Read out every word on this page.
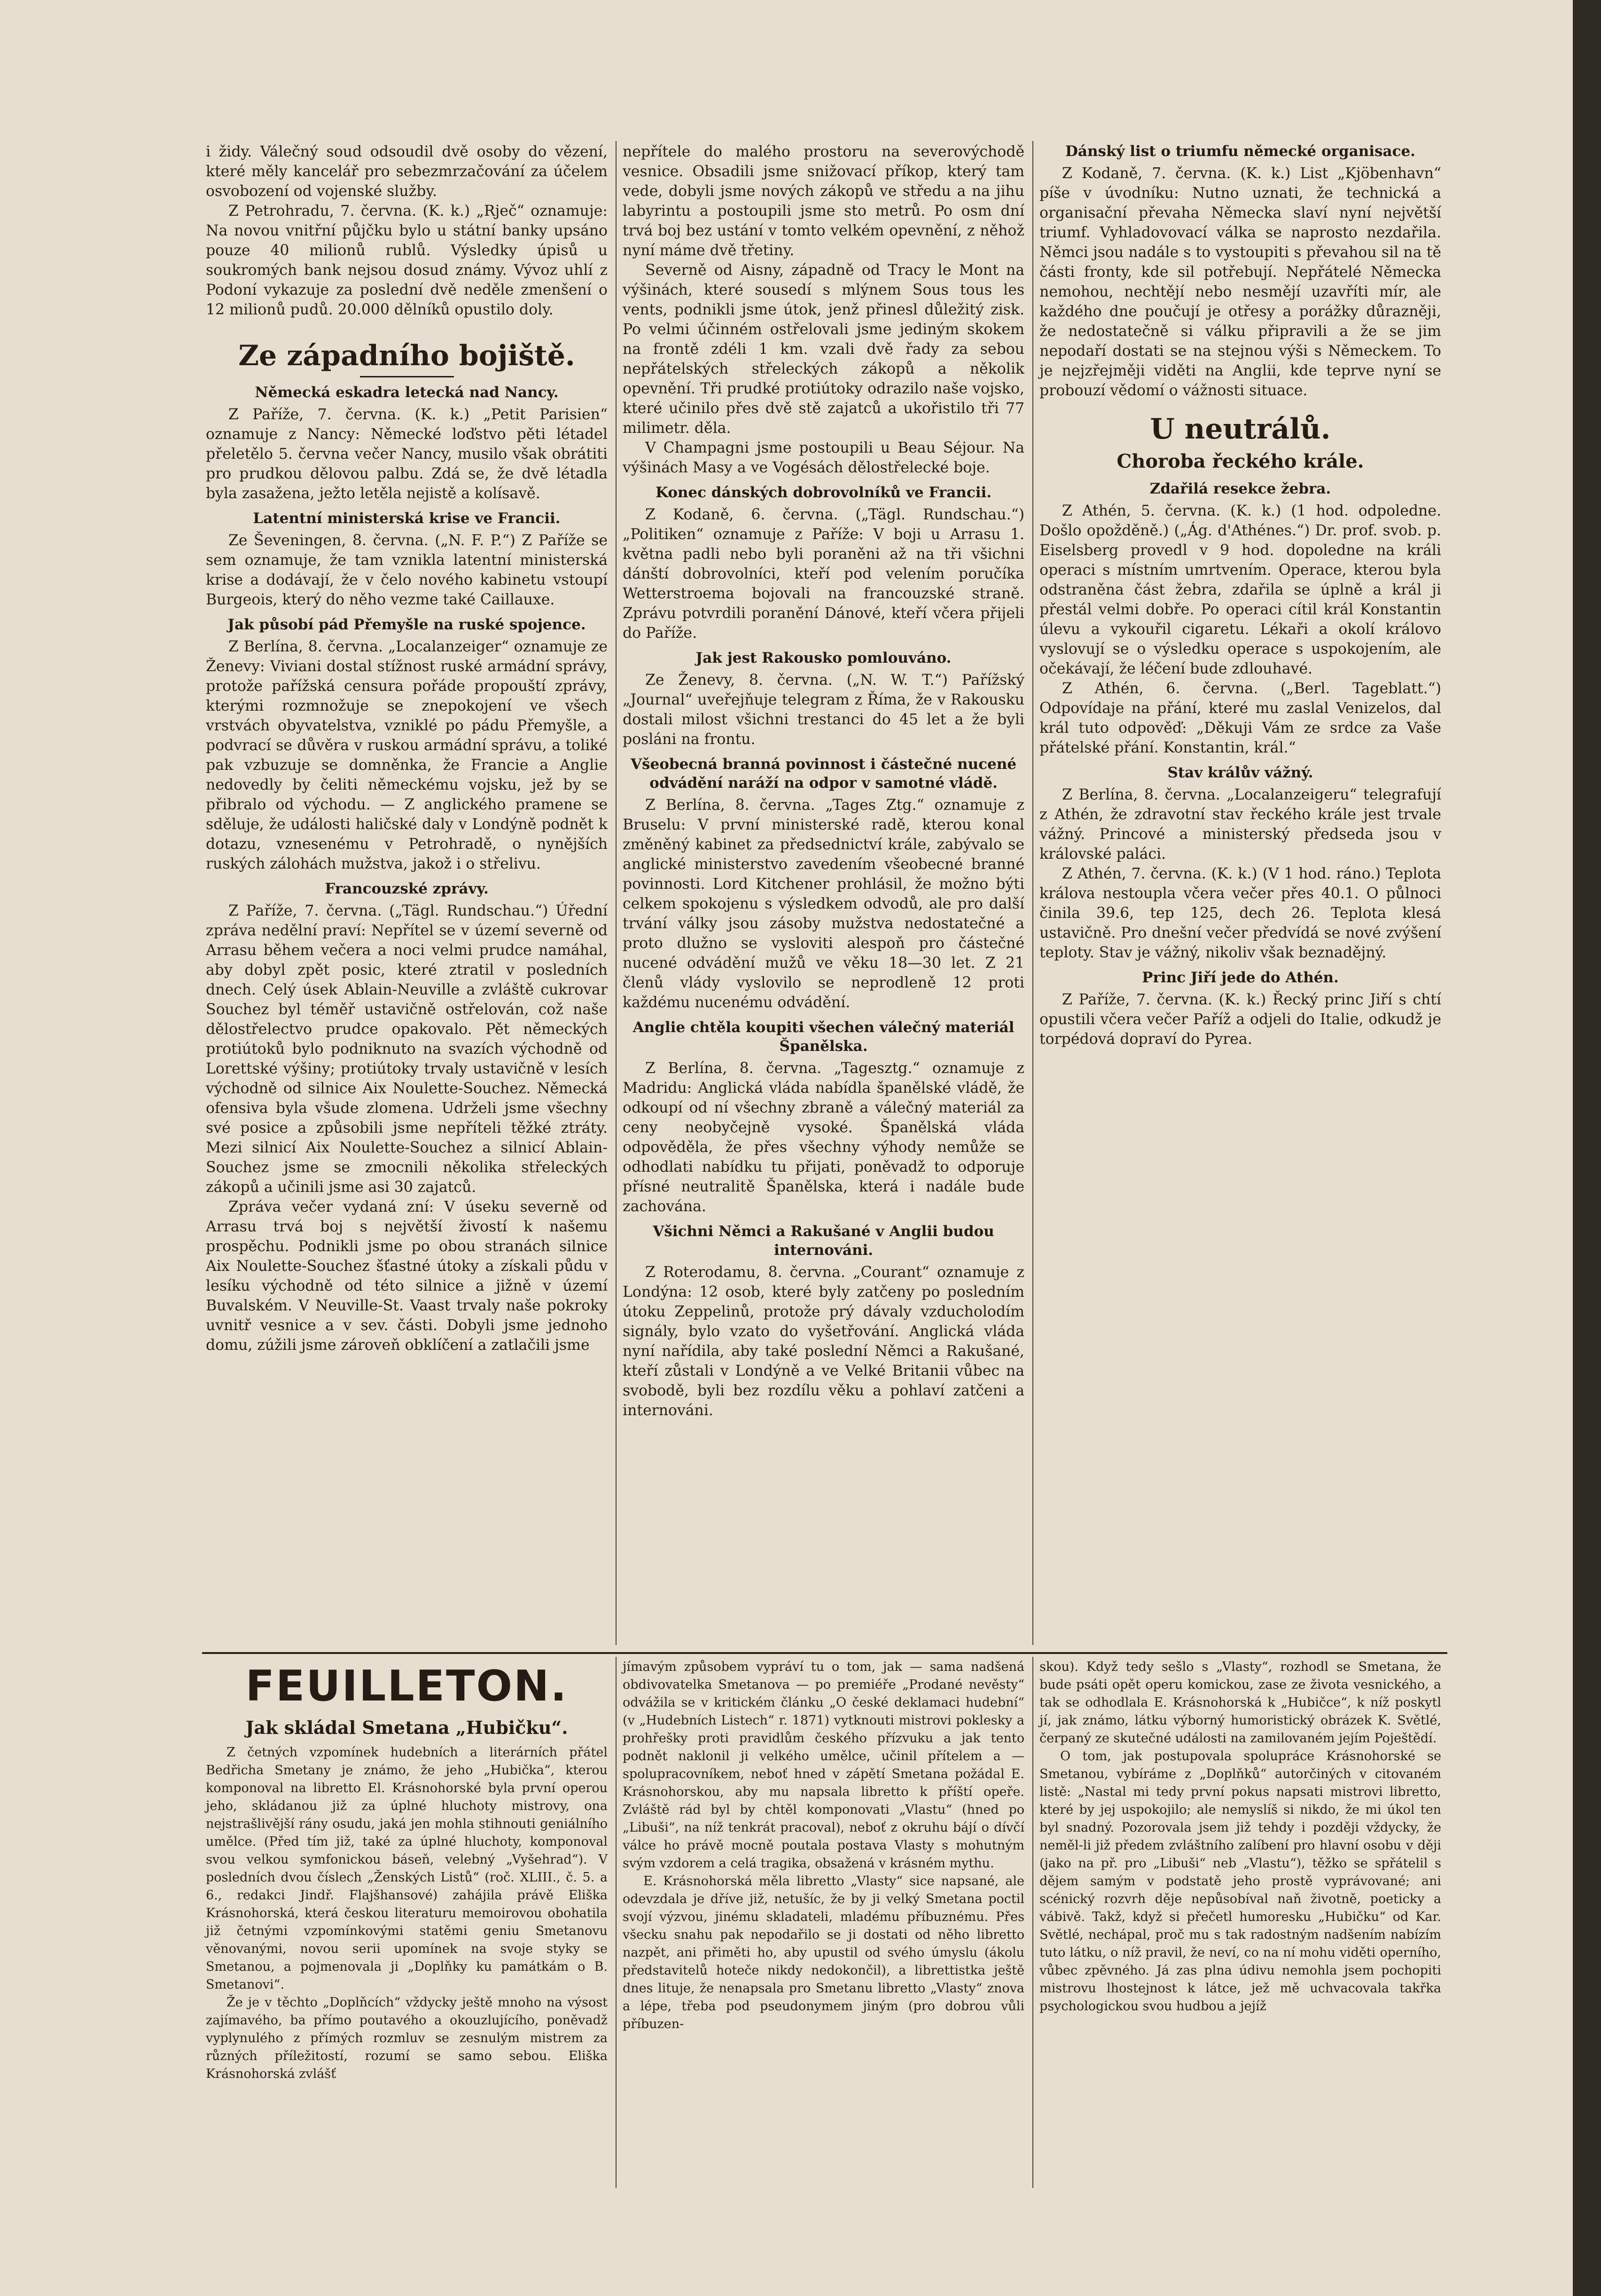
i židy. Válečný soud odsoudil dvě osoby do vězení, které měly kancelář pro sebezmrzačování za účelem osvobození od vojenské služby.

Z Petrohradu, 7. června. (K. k.) „Rječ“ oznamuje: Na novou vnitřní půjčku bylo u státní banky upsáno pouze 40 milionů rublů. Výsledky úpisů u soukromých bank nejsou dosud známy. Vývoz uhlí z Podoní vykazuje za poslední dvě neděle zmenšení o 12 milionů pudů. 20.000 dělníků opustilo doly.

Ze západního bojiště.
Německá eskadra letecká nad Nancy.

Z Paříže, 7. června. (K. k.) „Petit Parisien“ oznamuje z Nancy: Německé loďstvo pěti létadel přeletělo 5. června večer Nancy, musilo však obrátiti pro prudkou dělovou palbu. Zdá se, že dvě létadla byla zasažena, ježto letěla nejistě a kolísavě.

Latentní ministerská krise ve Francii.

Ze Ševeningen, 8. června. („N. F. P.“) Z Paříže se sem oznamuje, že tam vznikla latentní ministerská krise a dodávají, že v čelo nového kabinetu vstoupí Burgeois, který do něho vezme také Caillauxe.

Jak působí pád Přemyšle na ruské spojence.

Z Berlína, 8. června. „Localanzeiger“ oznamuje ze Ženevy: Viviani dostal stížnost ruské armádní správy, protože pařížská censura pořáde propouští zprávy, kterými rozmnožuje se znepokojení ve všech vrstvách obyvatelstva, vzniklé po pádu Přemyšle, a podvrací se důvěra v ruskou armádní správu, a toliké pak vzbuzuje se domněnka, že Francie a Anglie nedovedly by čeliti německému vojsku, jež by se přibralo od východu. — Z anglického pramene se sděluje, že události haličské daly v Londýně podnět k dotazu, vznesenému v Petrohradě, o nynějších ruských zálohách mužstva, jakož i o střelivu.

Francouzské zprávy.

Z Paříže, 7. června. („Tägl. Rundschau.“) Úřední zpráva nedělní praví: Nepřítel se v území severně od Arrasu během večera a noci velmi prudce namáhal, aby dobyl zpět posic, které ztratil v posledních dnech. Celý úsek Ablain-Neuville a zvláště cukrovar Souchez byl téměř ustavičně ostřelován, což naše dělostřelectvo prudce opakovalo. Pět německých protiútoků bylo podniknuto na svazích východně od Lorettské výšiny; protiútoky trvaly ustavičně v lesích východně od silnice Aix Noulette-Souchez. Německá ofensiva byla všude zlomena. Udrželi jsme všechny své posice a způsobili jsme nepříteli těžké ztráty. Mezi silnicí Aix Noulette-Souchez a silnicí Ablain-Souchez jsme se zmocnili několika střeleckých zákopů a učinili jsme asi 30 zajatců.

Zpráva večer vydaná zní: V úseku severně od Arrasu trvá boj s největší živostí k našemu prospěchu. Podnikli jsme po obou stranách silnice Aix Noulette-Souchez šťastné útoky a získali půdu v lesíku východně od této silnice a jižně v území Buvalském. V Neuville-St. Vaast trvaly naše pokroky uvnitř vesnice a v sev. části. Dobyli jsme jednoho domu, zúžili jsme zároveň obklíčení a zatlačili jsme

nepřítele do malého prostoru na severovýchodě vesnice. Obsadili jsme snižovací příkop, který tam vede, dobyli jsme nových zákopů ve středu a na jihu labyrintu a postoupili jsme sto metrů. Po osm dní trvá boj bez ustání v tomto velkém opevnění, z něhož nyní máme dvě třetiny.

Severně od Aisny, západně od Tracy le Mont na výšinách, které sousedí s mlýnem Sous tous les vents, podnikli jsme útok, jenž přinesl důležitý zisk. Po velmi účinném ostřelovali jsme jediným skokem na frontě zdéli 1 km. vzali dvě řady za sebou nepřátelských střeleckých zákopů a několik opevnění. Tři prudké protiútoky odrazilo naše vojsko, které učinilo přes dvě stě zajatců a ukořistilo tři 77 milimetr. děla.

V Champagni jsme postoupili u Beau Séjour. Na výšinách Masy a ve Vogésách dělostřelecké boje.

Konec dánských dobrovolníků ve Francii.

Z Kodaně, 6. června. („Tägl. Rundschau.“) „Politiken“ oznamuje z Paříže: V boji u Arrasu 1. května padli nebo byli poraněni až na tři všichni dánští dobrovolníci, kteří pod velením poručíka Wetterstroema bojovali na francouzské straně. Zprávu potvrdili poranění Dánové, kteří včera přijeli do Paříže.

Jak jest Rakousko pomlouváno.

Ze Ženevy, 8. června. („N. W. T.“) Pařížský „Journal“ uveřejňuje telegram z Říma, že v Rakousku dostali milost všichni trestanci do 45 let a že byli posláni na frontu.

Všeobecná branná povinnost i částečné nucené odvádění naráží na odpor v samotné vládě.

Z Berlína, 8. června. „Tages Ztg.“ oznamuje z Bruselu: V první ministerské radě, kterou konal změněný kabinet za předsednictví krále, zabývalo se anglické ministerstvo zavedením všeobecné branné povinnosti. Lord Kitchener prohlásil, že možno býti celkem spokojenu s výsledkem odvodů, ale pro další trvání války jsou zásoby mužstva nedostatečné a proto dlužno se vysloviti alespoň pro částečné nucené odvádění mužů ve věku 18—30 let. Z 21 členů vlády vyslovilo se neprodleně 12 proti každému nucenému odvádění.

Anglie chtěla koupiti všechen válečný materiál Španělska.

Z Berlína, 8. června. „Tagesztg.“ oznamuje z Madridu: Anglická vláda nabídla španělské vládě, že odkoupí od ní všechny zbraně a válečný materiál za ceny neobyčejně vysoké. Španělská vláda odpověděla, že přes všechny výhody nemůže se odhodlati nabídku tu přijati, poněvadž to odporuje přísné neutralitě Španělska, která i nadále bude zachována.

Všichni Němci a Rakušané v Anglii budou internováni.

Z Roterodamu, 8. června. „Courant“ oznamuje z Londýna: 12 osob, které byly zatčeny po posledním útoku Zeppelinů, protože prý dávaly vzducholodím signály, bylo vzato do vyšetřování. Anglická vláda nyní nařídila, aby také poslední Němci a Rakušané, kteří zůstali v Londýně a ve Velké Britanii vůbec na svobodě, byli bez rozdílu věku a pohlaví zatčeni a internováni.

Dánský list o triumfu německé organisace.

Z Kodaně, 7. června. (K. k.) List „Kjöbenhavn“ píše v úvodníku: Nutno uznati, že technická a organisační převaha Německa slaví nyní největší triumf. Vyhladovovací válka se naprosto nezdařila. Němci jsou nadále s to vystoupiti s převahou sil na tě části fronty, kde sil potřebují. Nepřátelé Německa nemohou, nechtějí nebo nesmějí uzavříti mír, ale každého dne poučují je otřesy a porážky důrazněji, že nedostatečně si válku připravili a že se jim nepodaří dostati se na stejnou výši s Německem. To je nejzřejměji viděti na Anglii, kde teprve nyní se probouzí vědomí o vážnosti situace.

U neutrálů.
Choroba řeckého krále.
Zdařilá resekce žebra.

Z Athén, 5. června. (K. k.) (1 hod. odpoledne. Došlo opožděně.) („Ág. d'Athénes.“) Dr. prof. svob. p. Eiselsberg provedl v 9 hod. dopoledne na králi operaci s místním umrtvením. Operace, kterou byla odstraněna část žebra, zdařila se úplně a král ji přestál velmi dobře. Po operaci cítil král Konstantin úlevu a vykouřil cigaretu. Lékaři a okolí královo vyslovují se o výsledku operace s uspokojením, ale očekávají, že léčení bude zdlouhavé.

Z Athén, 6. června. („Berl. Tageblatt.“) Odpovídaje na přání, které mu zaslal Venizelos, dal král tuto odpověď: „Děkuji Vám ze srdce za Vaše přátelské přání. Konstantin, král.“

Stav králův vážný.

Z Berlína, 8. června. „Localanzeigeru“ telegrafují z Athén, že zdravotní stav řeckého krále jest trvale vážný. Princové a ministerský předseda jsou v královské paláci.

Z Athén, 7. června. (K. k.) (V 1 hod. ráno.) Teplota králova nestoupla včera večer přes 40.1. O půlnoci činila 39.6, tep 125, dech 26. Teplota klesá ustavičně. Pro dnešní večer předvídá se nové zvýšení teploty. Stav je vážný, nikoliv však beznadějný.

Princ Jiří jede do Athén.

Z Paříže, 7. června. (K. k.) Řecký princ Jiří s chtí opustili včera večer Paříž a odjeli do Italie, odkudž je torpédová dopraví do Pyrea.

FEUILLETON.
Jak skládal Smetana „Hubičku“.

Z četných vzpomínek hudebních a literárních přátel Bedřicha Smetany je známo, že jeho „Hubička“, kterou komponoval na libretto El. Krásnohorské byla první operou jeho, skládanou již za úplné hluchoty mistrovy, ona nejstrašlivější rány osudu, jaká jen mohla stihnouti geniálního umělce. (Před tím již, také za úplné hluchoty, komponoval svou velkou symfonickou báseň, velebný „Vyšehrad“). V posledních dvou číslech „Ženských Listů“ (roč. XLIII., č. 5. a 6., redakci Jindř. Flajšhansové) zahájila právě Eliška Krásnohorská, která českou literaturu memoirovou obohatila již četnými vzpomínkovými statěmi geniu Smetanovu věnovanými, novou serii upomínek na svoje styky se Smetanou, a pojmenovala ji „Doplňky ku památkám o B. Smetanovi“.

Že je v těchto „Doplňcích“ vždycky ještě mnoho na výsost zajímavého, ba přímo poutavého a okouzlujícího, poněvadž vyplynulého z přímých rozmluv se zesnulým mistrem za různých příležitostí, rozumí se samo sebou. Eliška Krásnohorská zvlášť

jímavým způsobem vypráví tu o tom, jak — sama nadšená obdivovatelka Smetanova — po premiéře „Prodané nevěsty“ odvážila se v kritickém článku „O české deklamaci hudební“ (v „Hudebních Listech“ r. 1871) vytknouti mistrovi poklesky a prohřešky proti pravidlům českého přízvuku a jak tento podnět naklonil ji velkého umělce, učinil přítelem a — spolupracovníkem, neboť hned v zápětí Smetana požádal E. Krásnohorskou, aby mu napsala libretto k příští opeře. Zvláště rád byl by chtěl komponovati „Vlastu“ (hned po „Libuši“, na níž tenkrát pracoval), neboť z okruhu bájí o dívčí válce ho právě mocně poutala postava Vlasty s mohutným svým vzdorem a celá tragika, obsažená v krásném mythu.

E. Krásnohorská měla libretto „Vlasty“ sice napsané, ale odevzdala je dříve již, netušíc, že by ji velký Smetana poctil svojí výzvou, jinému skladateli, mladému příbuznému. Přes všecku snahu pak nepodařilo se ji dostati od něho libretto nazpět, ani přiměti ho, aby upustil od svého úmyslu (ákolu představitelů hoteče nikdy nedokončil), a librettistka ještě dnes lituje, že nenapsala pro Smetanu libretto „Vlasty“ znova a lépe, třeba pod pseudonymem jiným (pro dobrou vůli příbuzen-

skou). Když tedy sešlo s „Vlasty“, rozhodl se Smetana, že bude psáti opět operu komickou, zase ze života vesnického, a tak se odhodlala E. Krásnohorská k „Hubičce“, k níž poskytl jí, jak známo, látku výborný humoristický obrázek K. Světlé, čerpaný ze skutečné události na zamilovaném jejím Poještědí.

O tom, jak postupovala spolupráce Krásnohorské se Smetanou, vybíráme z „Doplňků“ autorčiných v citovaném listě: „Nastal mi tedy první pokus napsati mistrovi libretto, které by jej uspokojilo; ale nemyslíš si nikdo, že mi úkol ten byl snadný. Pozorovala jsem již tehdy i později vždycky, že neměl-li již předem zvláštního zalíbení pro hlavní osobu v ději (jako na př. pro „Libuši“ neb „Vlastu“), těžko se spřátelil s dějem samým v podstatě jeho prostě vyprávované; ani scénický rozvrh děje nepůsobíval naň životně, poeticky a vábivě. Takž, když si přečetl humoresku „Hubičku“ od Kar. Světlé, nechápal, proč mu s tak radostným nadšením nabízím tuto látku, o níž pravil, že neví, co na ní mohu viděti operního, vůbec zpěvného. Já zas plna údivu nemohla jsem pochopiti mistrovu lhostejnost k látce, jež mě uchvacovala takřka psychologickou svou hudbou a jejíž
